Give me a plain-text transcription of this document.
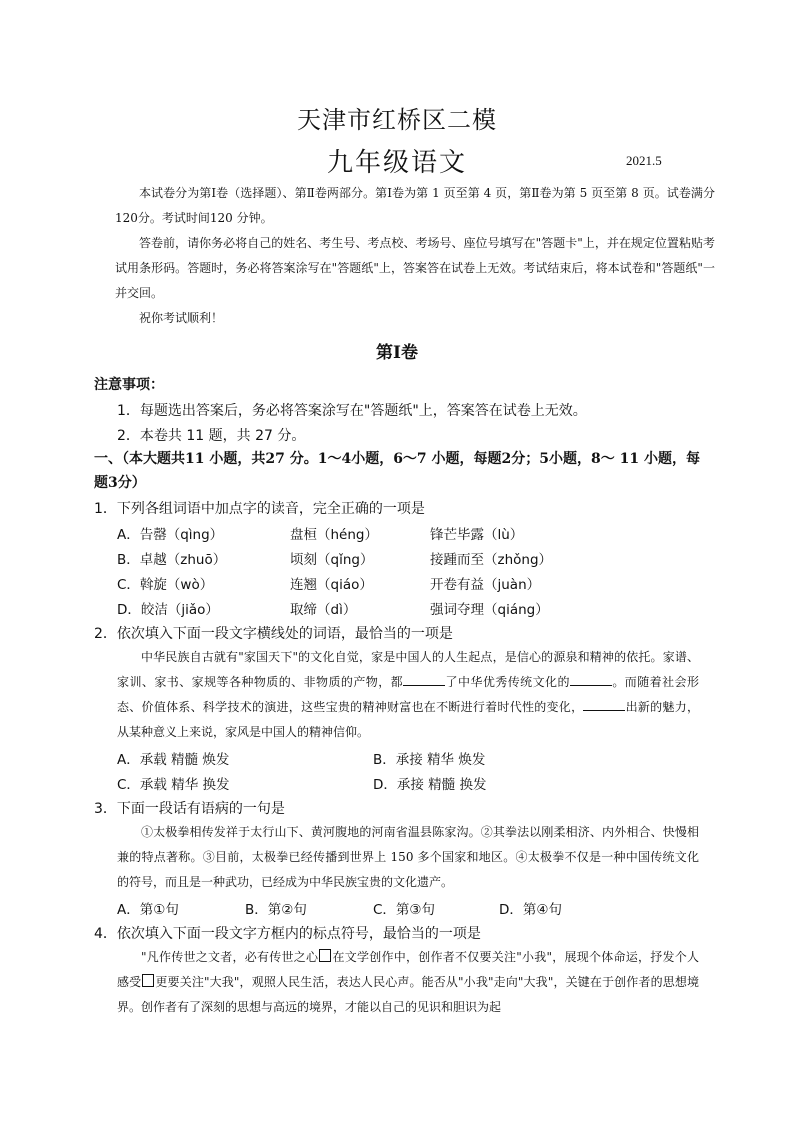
天津市红桥区二模
九年级语文	2021.5

本试卷分为第Ⅰ卷（选择题）、第Ⅱ卷两部分。第Ⅰ卷为第 1 页至第 4 页，第Ⅱ卷为第 5 页至第 8 页。试卷满分120分。考试时间120 分钟。

答卷前，请你务必将自己的姓名、考生号、考点校、考场号、座位号填写在"答题卡"上，并在规定位置粘贴考试用条形码。答题时，务必将答案涂写在"答题纸"上，答案答在试卷上无效。考试结束后，将本试卷和"答题纸"一并交回。

祝你考试顺利！

第Ⅰ卷
注意事项：
1．每题选出答案后，务必将答案涂写在"答题纸"上，答案答在试卷上无效。
2．本卷共 11 题，共 27 分。
一、（本大题共11 小题，共27 分。1～4小题，6～7 小题，每题2分；5小题，8～ 11 小题，每题3分）
1．下列各组词语中加点字的读音，完全正确的一项是
A．告罄（qìng）	盘桓（héng）	锋芒毕露（lù）
B．卓越（zhuō）	顷刻（qǐng）	接踵而至（zhǒng）
C．斡旋（wò）	连翘（qiáo）	开卷有益（juàn）
D．皎洁（jiǎo）	取缔（dì）	强词夺理（qiáng）
2．依次填入下面一段文字横线处的词语，最恰当的一项是

中华民族自古就有"家国天下"的文化自觉，家是中国人的人生起点，是信心的源泉和精神的依托。家谱、家训、家书、家规等各种物质的、非物质的产物，都	了中华优秀传统文化的	。而随着社会形态、价值体系、科学技术的演进，这些宝贵的精神财富也在不断进行着时代性的变化，	出新的魅力，从某种意义上来说，家风是中国人的精神信仰。

A．承载 精髓 焕发	B．承接 精华 焕发
C．承载 精华 换发	D．承接 精髓 换发
3．下面一段话有语病的一句是

①太极拳相传发祥于太行山下、黄河腹地的河南省温县陈家沟。②其拳法以刚柔相济、内外相合、快慢相兼的特点著称。③目前，太极拳已经传播到世界上 150 多个国家和地区。④太极拳不仅是一种中国传统文化的符号，而且是一种武功，已经成为中华民族宝贵的文化遗产。

A．第①句	B．第②句	C．第③句	D．第④句
4．依次填入下面一段文字方框内的标点符号，最恰当的一项是

"凡作传世之文者，必有传世之心 在文学创作中，创作者不仅要关注"小我"，展现个体命运，抒发个人感受 更要关注"大我"，观照人民生活，表达人民心声。能否从"小我"走向"大我"，关键在于创作者的思想境界。创作者有了深刻的思想与高远的境界，才能以自己的见识和胆识为起
